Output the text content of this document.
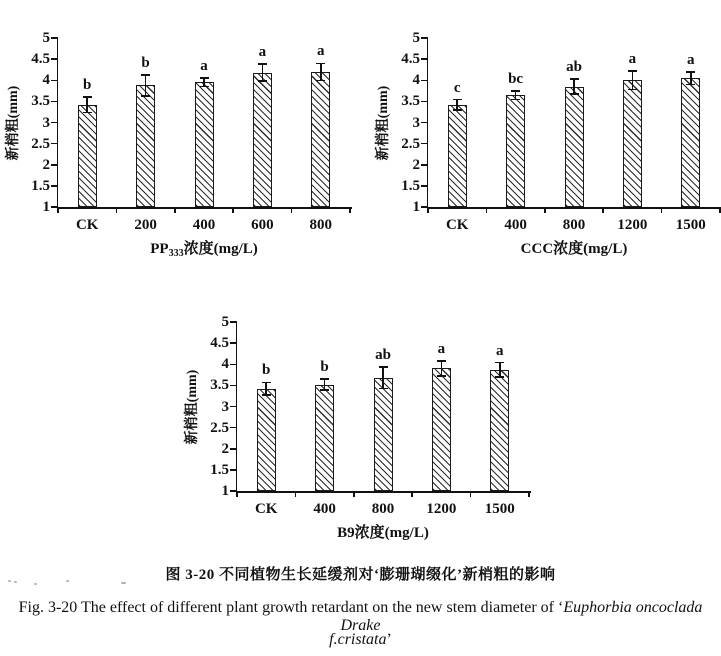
1
1.5
2
2.5
3
3.5
4
4.5
5
b
CK
b
200
a
400
a
600
a
800
新梢粗(mm)
$PP_{333}$浓度(mg/L)
1
1.5
2
2.5
3
3.5
4
4.5
5
c
CK
bc
400
ab
800
a
1200
a
1500
新梢粗(mm)
CCC浓度(mg/L)
1
1.5
2
2.5
3
3.5
4
4.5
5
b
CK
b
400
ab
800
a
1200
a
1500
新梢粗(mm)
B9浓度(mg/L)
图 3-20 不同植物生长延缓剂对‘膨珊瑚缀化’新梢粗的影响
Fig. 3-20 The effect of different plant growth retardant on the new stem diameter of ‘Euphorbia oncoclada Drake
f.cristata’
